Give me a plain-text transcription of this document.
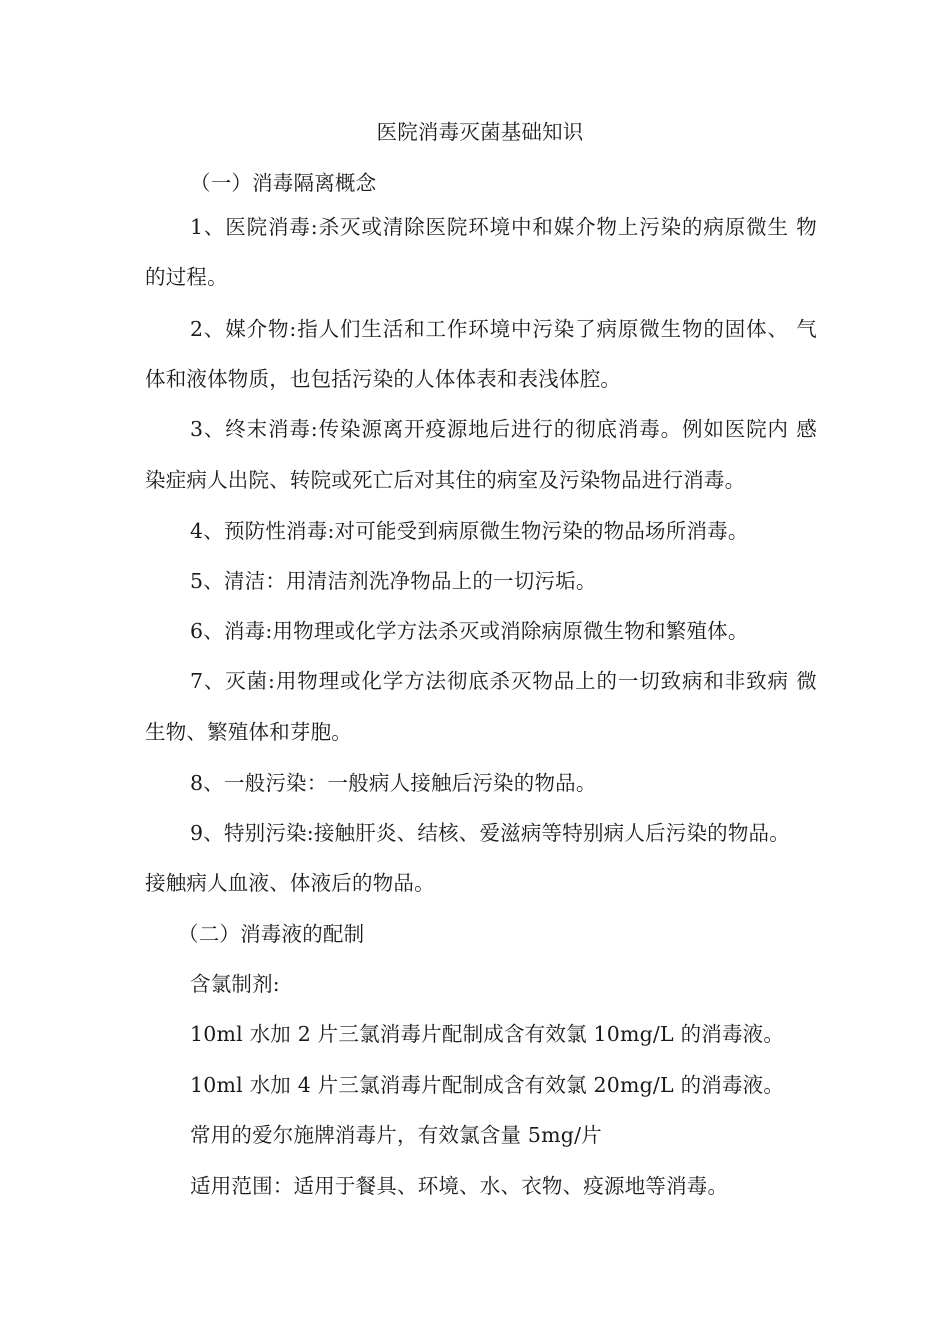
医院消毒灭菌基础知识
（一）消毒隔离概念
1、医院消毒:杀灭或清除医院环境中和媒介物上污染的病原微生 物
的过程。
2、媒介物:指人们生活和工作环境中污染了病原微生物的固体、 气
体和液体物质，也包括污染的人体体表和表浅体腔。
3、终末消毒:传染源离开疫源地后进行的彻底消毒。例如医院内 感
染症病人出院、转院或死亡后对其住的病室及污染物品进行消毒。
4、预防性消毒:对可能受到病原微生物污染的物品场所消毒。
5、清洁：用清洁剂洗净物品上的一切污垢。
6、消毒:用物理或化学方法杀灭或消除病原微生物和繁殖体。
7、灭菌:用物理或化学方法彻底杀灭物品上的一切致病和非致病 微
生物、繁殖体和芽胞。
8、一般污染：一般病人接触后污染的物品。
9、特别污染:接触肝炎、结核、爱滋病等特别病人后污染的物品。
接触病人血液、体液后的物品。
（二）消毒液的配制
含氯制剂:
10ml 水加 2 片三氯消毒片配制成含有效氯 10mg/L 的消毒液。
10ml 水加 4 片三氯消毒片配制成含有效氯 20mg/L 的消毒液。
常用的爱尔施牌消毒片，有效氯含量 5mg/片
适用范围：适用于餐具、环境、水、衣物、疫源地等消毒。
